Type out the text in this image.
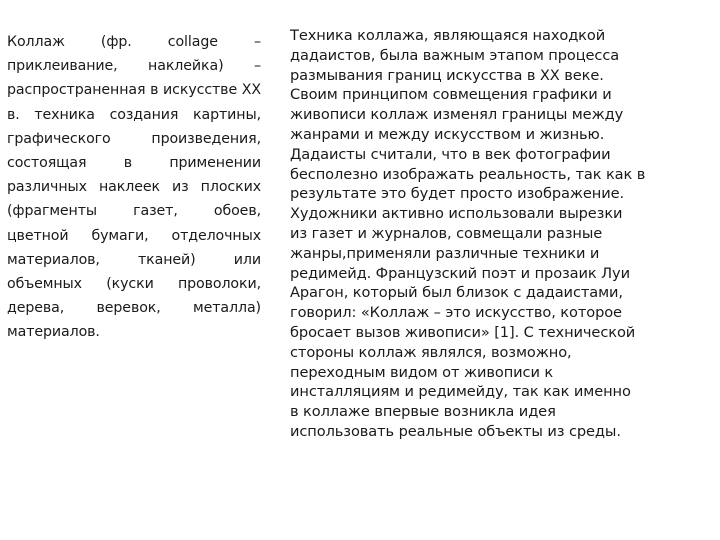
Коллаж (фр. collage – приклеивание, наклейка) – распространенная в искусстве XX в. техника создания картины, графического произведения, состоящая в применении различных наклеек из плоских (фрагменты газет, обоев, цветной бумаги, отделочных материалов, тканей) или объемных (куски проволоки, дерева, веревок, металла) материалов.
Техника коллажа, являющаяся находкой
дадаистов, была важным этапом процесса
размывания границ искусства в XX веке.
Своим принципом совмещения графики и
живописи коллаж изменял границы между
жанрами и между искусством и жизнью.
Дадаисты считали, что в век фотографии
бесполезно изображать реальность, так как в
результате это будет просто изображение.
Художники активно использовали вырезки
из газет и журналов, совмещали разные
жанры,применяли различные техники и
редимейд. Французский поэт и прозаик Луи
Арагон, который был близок с дадаистами,
говорил: «Коллаж – это искусство, которое
бросает вызов живописи» [1]. С технической
стороны коллаж являлся, возможно,
переходным видом от живописи к
инсталляциям и редимейду, так как именно
в коллаже впервые возникла идея
использовать реальные объекты из среды.
